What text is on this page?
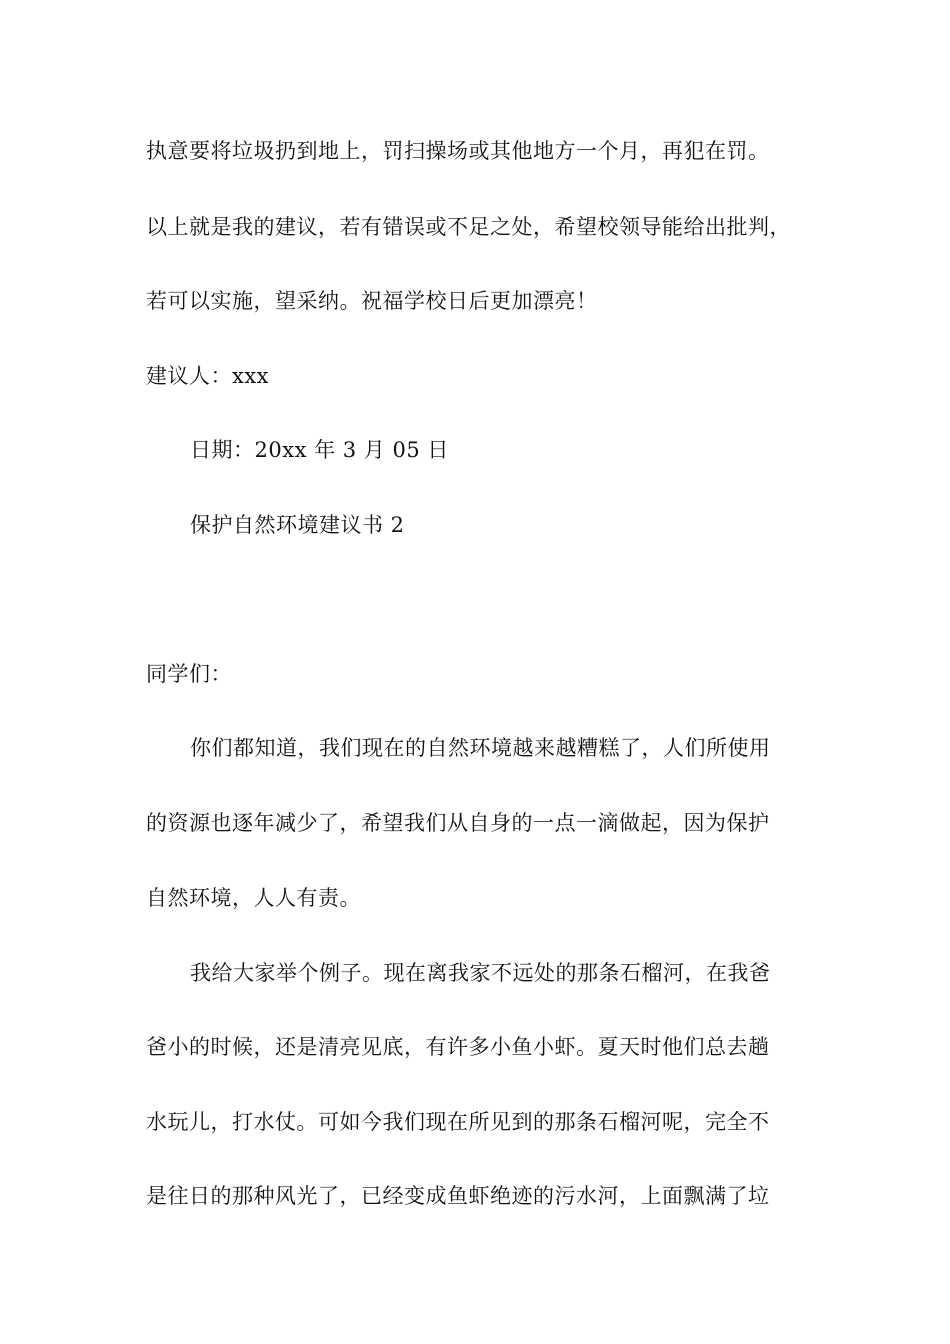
执意要将垃圾扔到地上，罚扫操场或其他地方一个月，再犯在罚。
以上就是我的建议，若有错误或不足之处，希望校领导能给出批判，
若可以实施，望采纳。祝福学校日后更加漂亮！
建议人：xxx
日期：20xx 年 3 月 05 日
保护自然环境建议书 2
同学们：
你们都知道，我们现在的自然环境越来越糟糕了，人们所使用
的资源也逐年减少了，希望我们从自身的一点一滴做起，因为保护
自然环境，人人有责。
我给大家举个例子。现在离我家不远处的那条石榴河，在我爸
爸小的时候，还是清亮见底，有许多小鱼小虾。夏天时他们总去趟
水玩儿，打水仗。可如今我们现在所见到的那条石榴河呢，完全不
是往日的那种风光了，已经变成鱼虾绝迹的污水河，上面飘满了垃
